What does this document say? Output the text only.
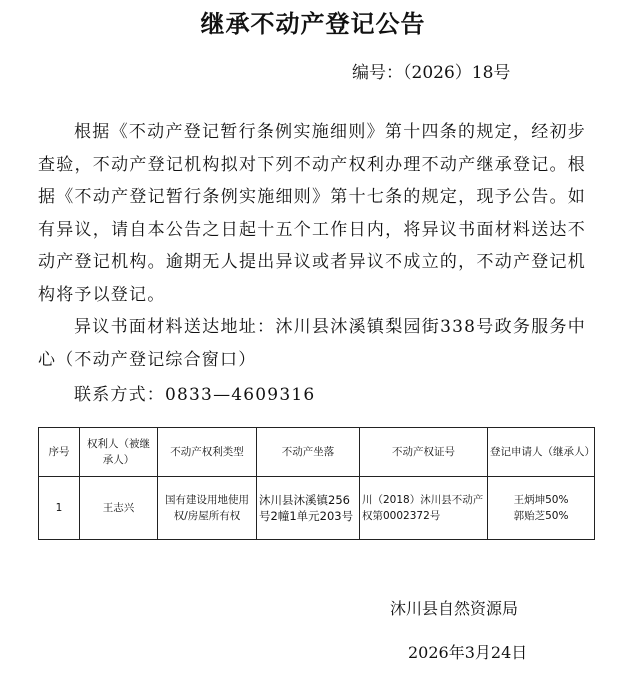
继承不动产登记公告
编号：（2026）18号
根据《不动产登记暂行条例实施细则》第十四条的规定，经初步查验，不动产登记机构拟对下列不动产权利办理不动产继承登记。根据《不动产登记暂行条例实施细则》第十七条的规定，现予公告。如有异议，请自本公告之日起十五个工作日内，将异议书面材料送达不动产登记机构。逾期无人提出异议或者异议不成立的，不动产登记机构将予以登记。
异议书面材料送达地址：沐川县沐溪镇梨园街338号政务服务中心（不动产登记综合窗口）
联系方式：0833—4609316
序号	权利人（被继承人）	不动产权利类型	不动产坐落	不动产权证号	登记申请人（继承人）
1	王志兴	国有建设用地使用权/房屋所有权	沐川县沐溪镇256号2幢1单元203号	川（2018）沐川县不动产权第0002372号	王炳坤50%
郭贻芝50%
沐川县自然资源局
2026年3月24日
